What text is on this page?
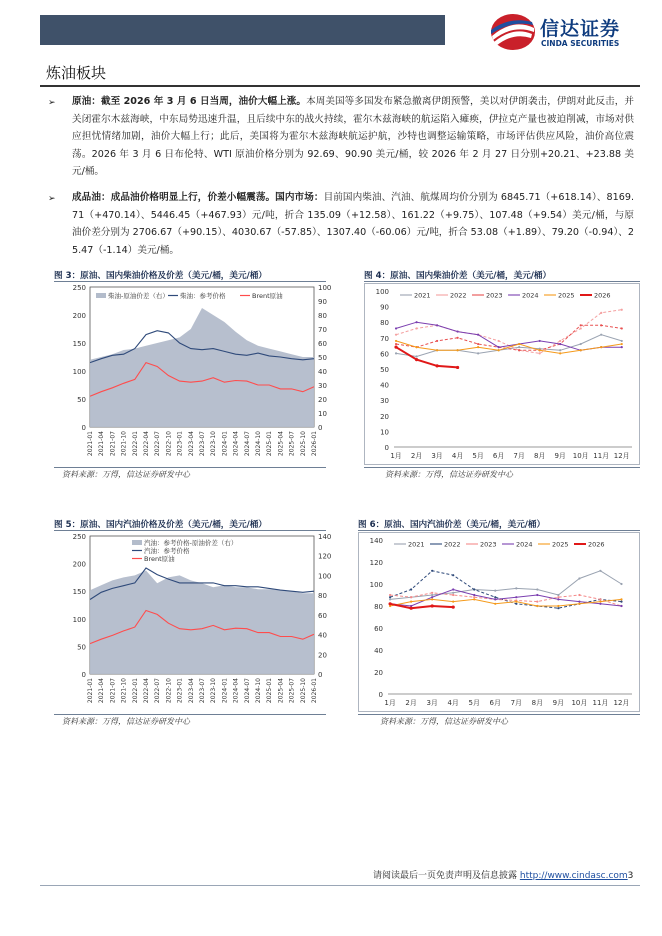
信达证券
CINDA SECURITIES
炼油板块
➢ 原油：截至 2026 年 3 月 6 日当周，油价大幅上涨。本周美国等多国发布紧急撤离伊朗预警，美以对伊朗袭击，伊朗对此反击，并关闭霍尔木兹海峡，中东局势迅速升温，且后续中东的战火持续，霍尔木兹海峡的航运陷入瘫痪，伊拉克产量也被迫削减，市场对供应担忧情绪加剧，油价大幅上行；此后，美国将为霍尔木兹海峡航运护航，沙特也调整运输策略，市场评估供应风险，油价高位震荡。2026 年 3 月 6 日布伦特、WTI 原油价格分别为 92.69、90.90 美元/桶，较 2026 年 2 月 27 日分别+20.21、+23.88 美元/桶。
➢ 成品油：成品油价格明显上行，价差小幅震荡。国内市场：目前国内柴油、汽油、航煤周均价分别为 6845.71（+618.14）、8169.71（+470.14）、5446.45（+467.93）元/吨，折合 135.09（+12.58）、161.22（+9.75）、107.48（+9.54）美元/桶，与原油价差分别为 2706.67（+90.15）、4030.67（-57.85）、1307.40（-60.06）元/吨，折合 53.08（+1.89）、79.20（-0.94）、25.47（-1.14）美元/桶。
图 3：原油、国内柴油价格及价差（美元/桶，美元/桶）	图 4：原油、国内柴油价差（美元/桶，美元/桶）
0
50
100
150
200
250
0
10
20
30
40
50
60
70
80
90
100
2021-01 2021-04 2021-07 2021-10 2022-01 2022-04 2022-07 2022-10 2023-01 2023-04 2023-07 2023-10 2024-01 2024-04 2024-07 2024-10 2025-01 2025-04 2025-07 2025-10 2026-01
柴油-原油价差（右） 柴油：参考价格	Brent原油
0
10
20
30
40
50
60
70
80
90
100
1月 2月 3月 4月 5月 6月 7月 8月 9月 10月 11月 12月
2021	2022	2023	2024	2025	2026
资料来源：万得，信达证券研发中心	资料来源：万得，信达证券研发中心
图 5：原油、国内汽油价格及价差（美元/桶，美元/桶）	图 6：原油、国内汽油价差（美元/桶，美元/桶）
0
50
100
150
200
250
0
20
40
60
80
100
120
140
2021-01 2021-04 2021-07 2021-10 2022-01 2022-04 2022-07 2022-10 2023-01 2023-04 2023-07 2023-10 2024-01 2024-04 2024-07 2024-10 2025-01 2025-04 2025-07 2025-10 2026-01
汽油：参考价格-原油价差（右）
汽油：参考价格
Brent原油
0
20
40
60
80
100
120
140
1月 2月 3月 4月 5月 6月 7月 8月 9月 10月 11月 12月
2021	2022	2023	2024	2025	2026
资料来源：万得，信达证券研发中心	资料来源：万得，信达证券研发中心
请阅读最后一页免责声明及信息披露 http://www.cindasc.com3
